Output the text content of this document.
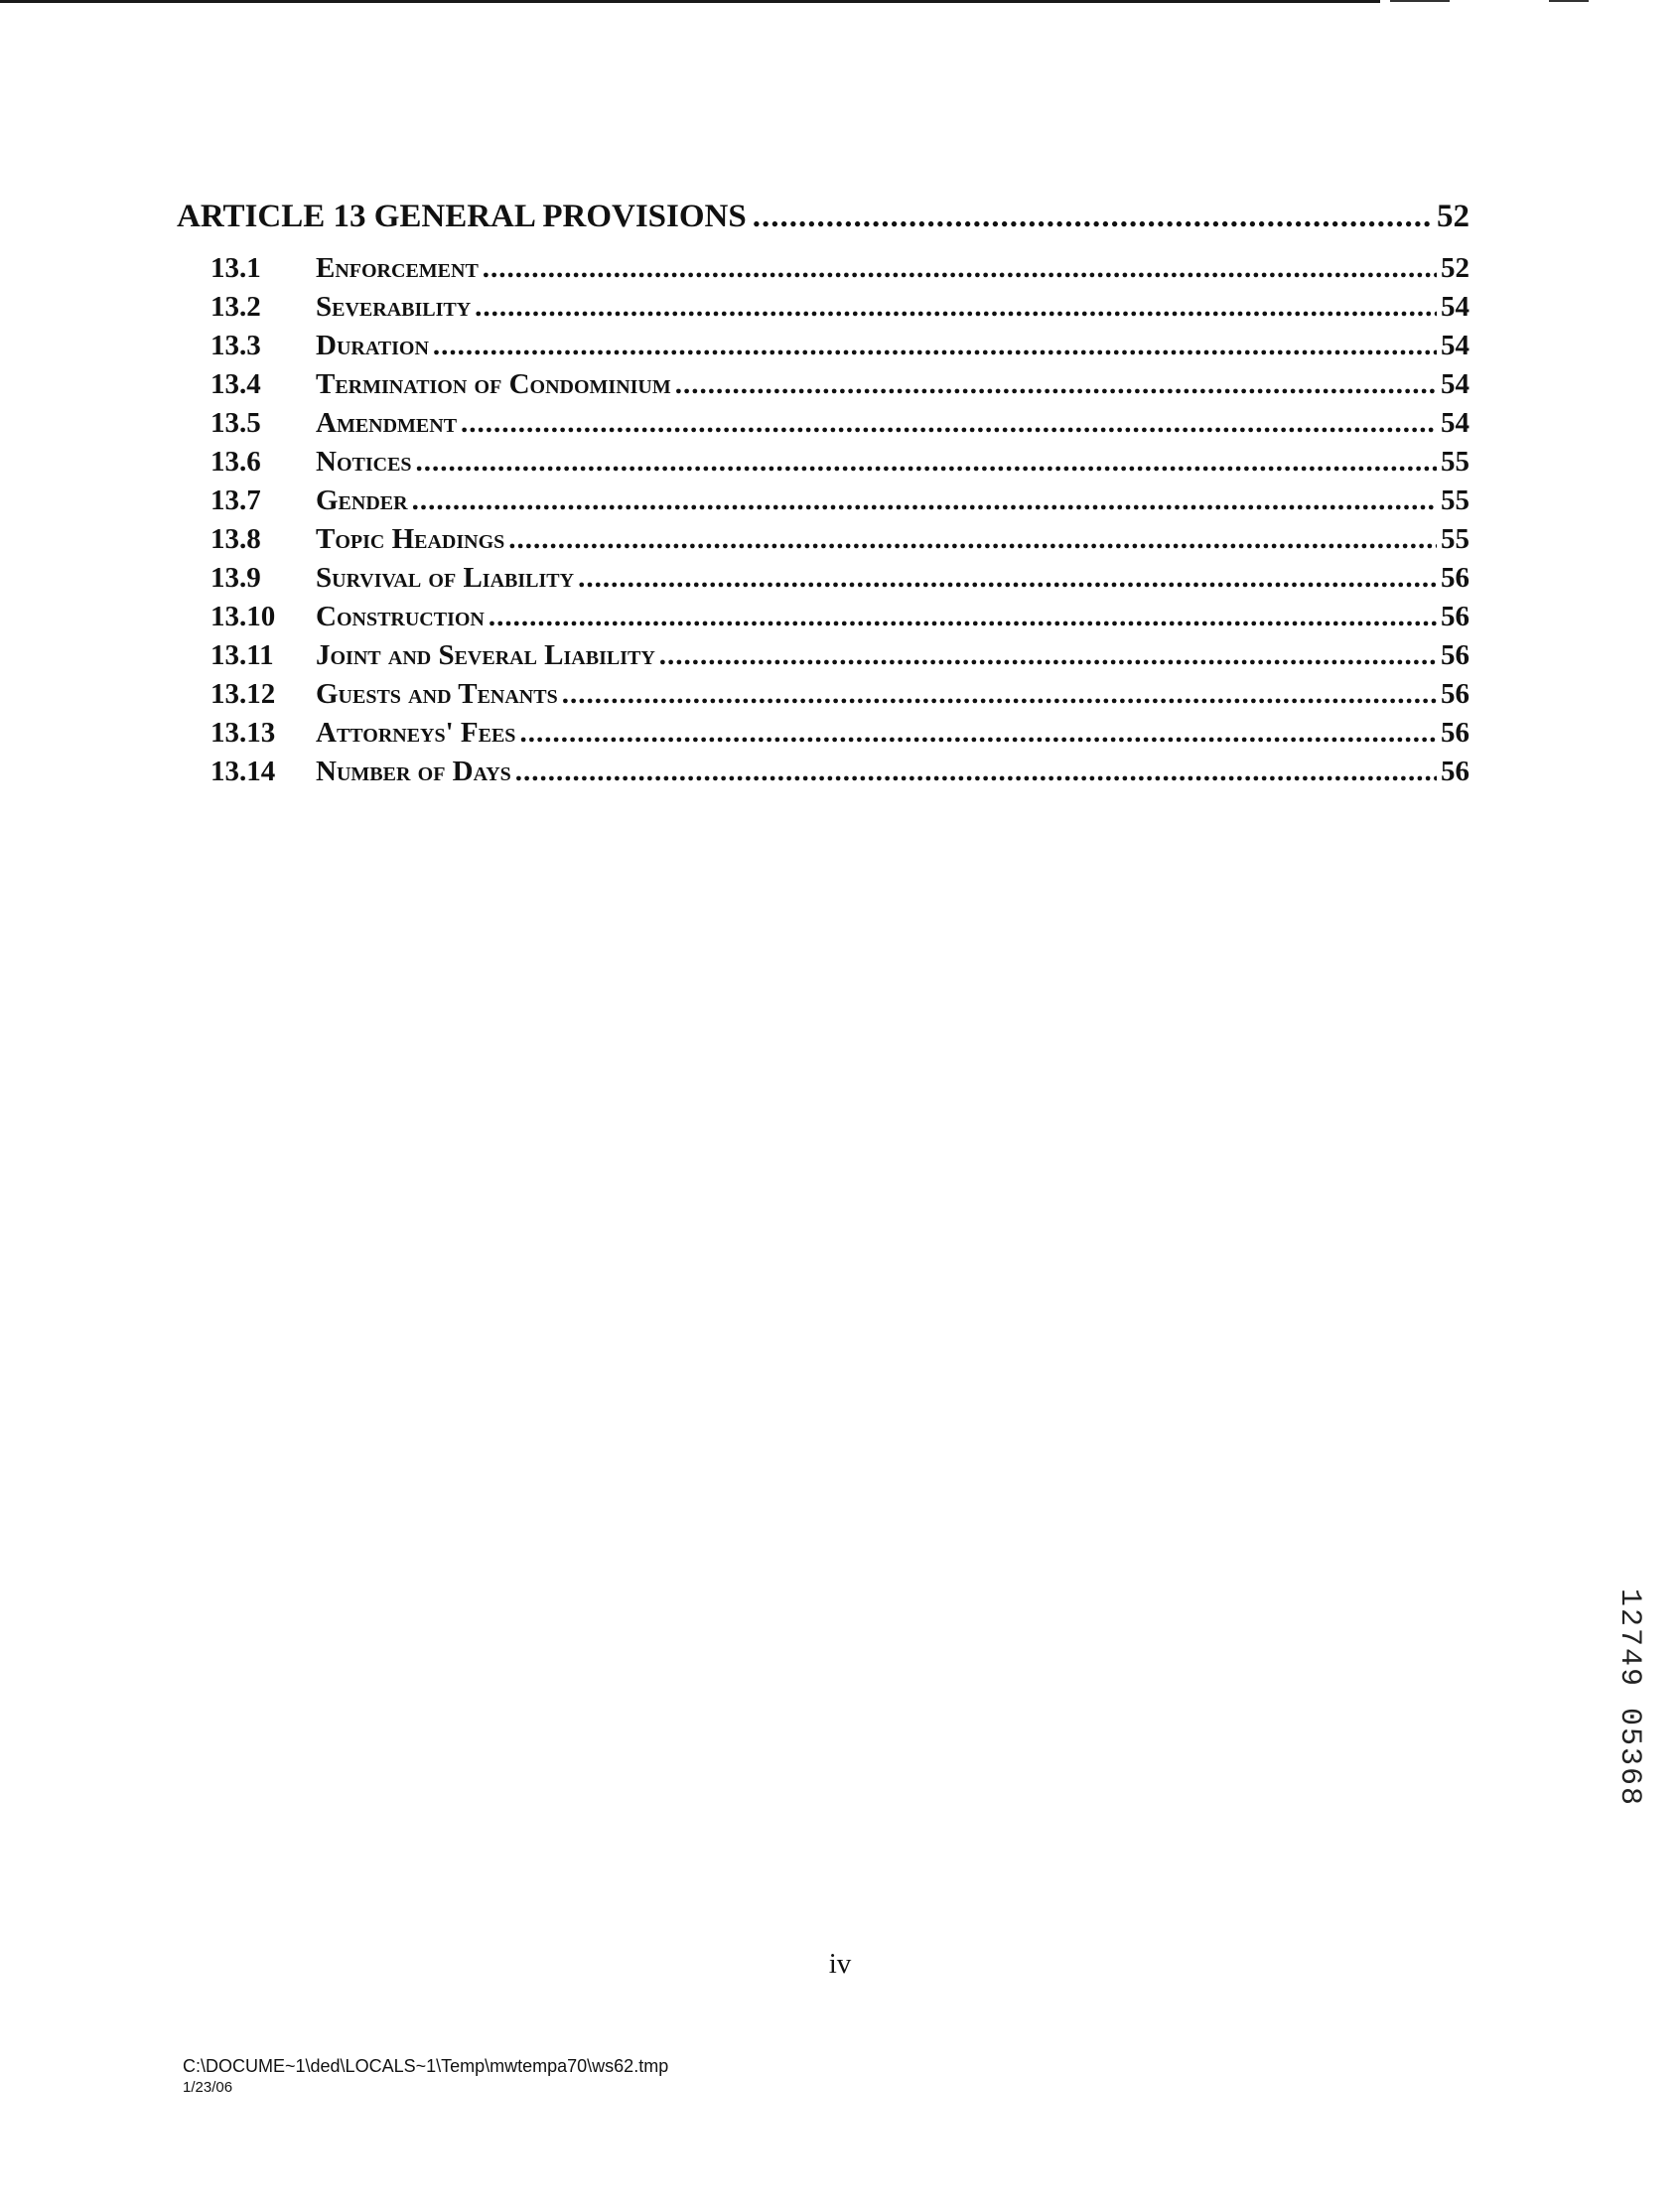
ARTICLE 13 GENERAL PROVISIONS .....	52
13.1	Enforcement .....	52
13.2	Severability .....	54
13.3	Duration .....	54
13.4	Termination of Condominium .....	54
13.5	Amendment .....	54
13.6	Notices .....	55
13.7	Gender .....	55
13.8	Topic Headings .....	55
13.9	Survival of Liability .....	56
13.10	Construction .....	56
13.11	Joint and Several Liability .....	56
13.12	Guests and Tenants .....	56
13.13	Attorneys' Fees .....	56
13.14	Number of Days .....	56
12749 05368
iv
C:\DOCUME~1\ded\LOCALS~1\Temp\mwtempa70\ws62.tmp
1/23/06
